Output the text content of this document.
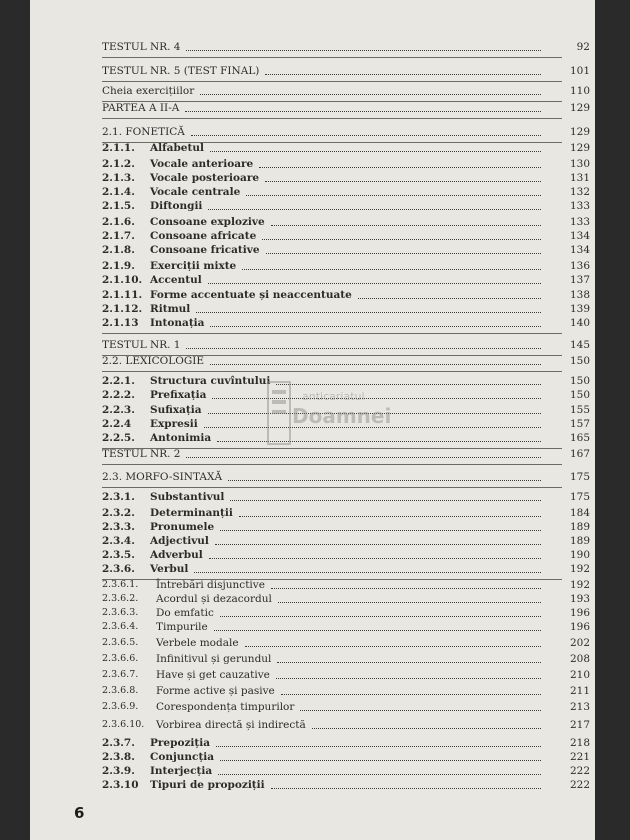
TESTUL NR. 4	92
TESTUL NR. 5 (TEST FINAL)	101
Cheia exercițiilor	110
PARTEA A II-A	129
2.1. FONETICĂ	129
2.1.1. Alfabetul	129
2.1.2. Vocale anterioare	130
2.1.3. Vocale posterioare	131
2.1.4. Vocale centrale	132
2.1.5. Diftongii	133
2.1.6. Consoane explozive	133
2.1.7. Consoane africate	134
2.1.8. Consoane fricative	134
2.1.9. Exerciții mixte	136
2.1.10. Accentul	137
2.1.11. Forme accentuate și neaccentuate	138
2.1.12. Ritmul	139
2.1.13 Intonația	140
TESTUL NR. 1	145
2.2. LEXICOLOGIE	150
2.2.1. Structura cuvîntului	150
2.2.2. Prefixația	150
2.2.3. Sufixația	155
2.2.4 Expresii	157
2.2.5. Antonimia	165
TESTUL NR. 2	167
2.3. MORFO-SINTAXĂ	175
2.3.1. Substantivul	175
2.3.2. Determinanții	184
2.3.3. Pronumele	189
2.3.4. Adjectivul	189
2.3.5. Adverbul	190
2.3.6. Verbul	192
2.3.6.1. Întrebări disjunctive	192
2.3.6.2. Acordul și dezacordul	193
2.3.6.3. Do emfatic	196
2.3.6.4. Timpurile	196
2.3.6.5. Verbele modale	202
2.3.6.6. Infinitivul și gerundul	208
2.3.6.7. Have și get cauzative	210
2.3.6.8. Forme active și pasive	211
2.3.6.9. Corespondența timpurilor	213
2.3.6.10. Vorbirea directă și indirectă	217
2.3.7. Prepoziția	218
2.3.8. Conjuncția	221
2.3.9. Interjecția	222
2.3.10 Tipuri de propoziții	222
anticariatul
Doamnei
6
